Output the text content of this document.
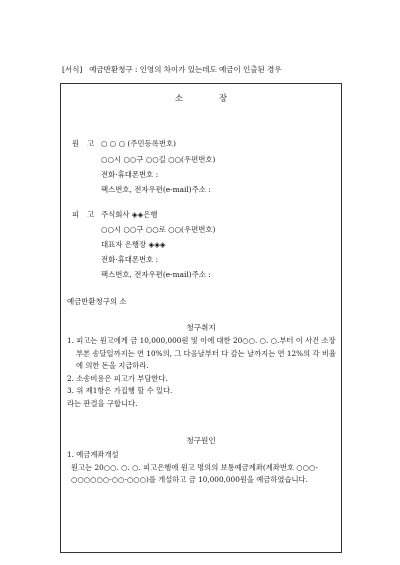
[서식] 예금반환청구 : 인영의 차이가 있는데도 예금이 인출된 경우
소	장
원 고 ○ ○ ○ (주민등록번호)
○○시 ○○구 ○○길 ○○(우편번호)
전화·휴대폰번호 :
팩스번호, 전자우편(e-mail)주소 :
피 고 주식회사 ◈◈은행
○○시 ○○구 ○○로 ○○(우편번호)
대표자 은행장 ◈◈◈
전화·휴대폰번호 :
팩스번호, 전자우편(e-mail)주소 :
예금반환청구의 소
청구취지
1. 피고는 원고에게 금 10,000,000원 및 이에 대한 20○○. ○. ○.부터 이 사건 소장 부본 송달일까지는 연 10%의, 그 다음날부터 다 갚는 날까지는 연 12%의 각 비율에 의한 돈을 지급하라.
2. 소송비용은 피고가 부담한다.
3. 위 제1항은 가집행 할 수 있다.
라는 판결을 구합니다.
청구원인
1. 예금계좌개설
원고는 20○○. ○. ○. 피고은행에 원고 명의의 보통예금계좌(계좌번호 ○○○-○○○○○○-○○-○○○)를 개설하고 금 10,000,000원을 예금하였습니다.
